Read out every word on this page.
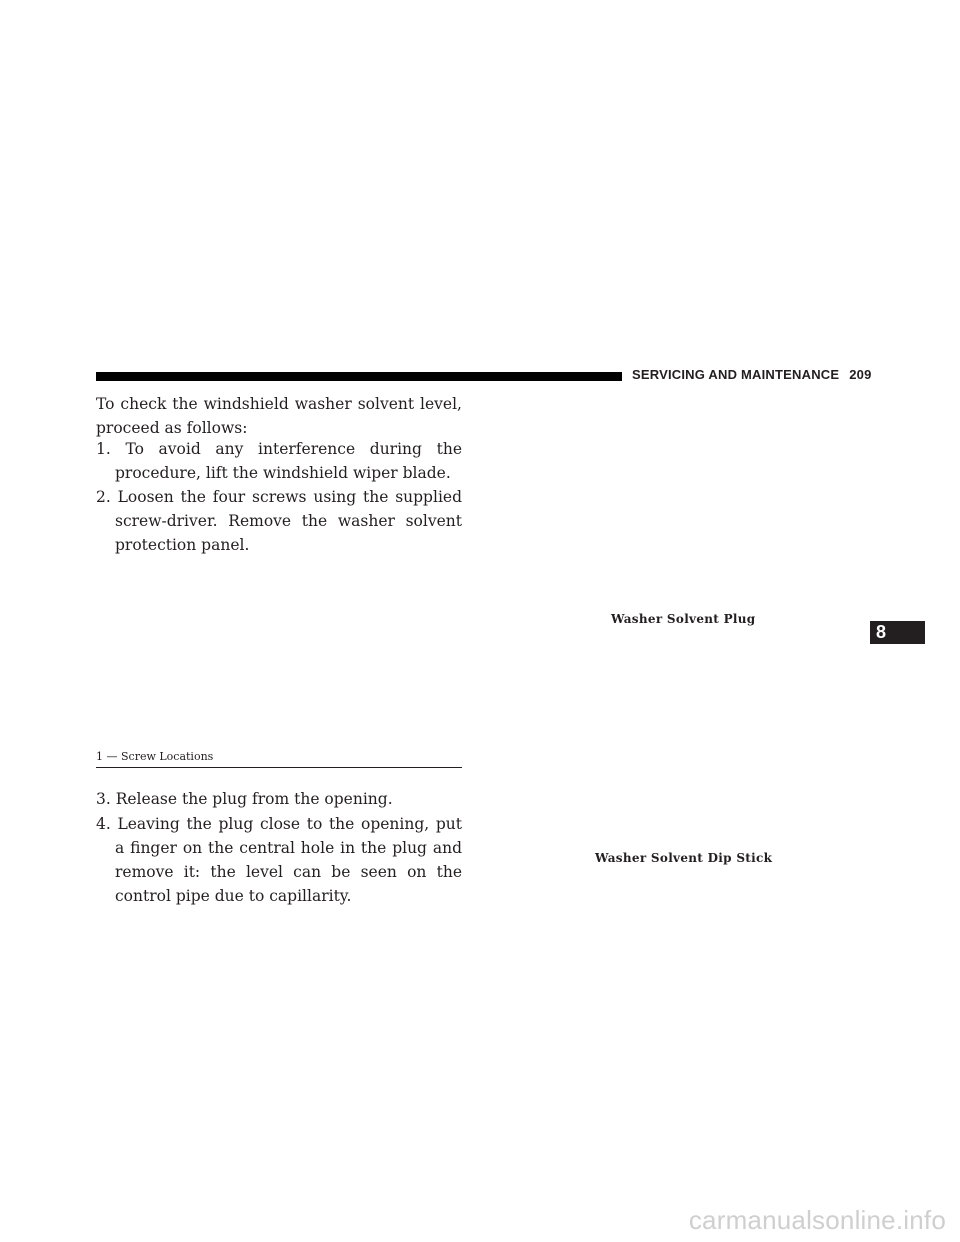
SERVICING AND MAINTENANCE 209
To check the windshield washer solvent level, proceed as follows:
1. To avoid any interference during the procedure, lift the windshield wiper blade.
2. Loosen the four screws using the supplied screw-driver. Remove the washer solvent protection panel.
1 — Screw Locations
3. Release the plug from the opening.
4. Leaving the plug close to the opening, put a finger on the central hole in the plug and remove it: the level can be seen on the control pipe due to capillarity.
Washer Solvent Plug
Washer Solvent Dip Stick
8
carmanualsonline.info
